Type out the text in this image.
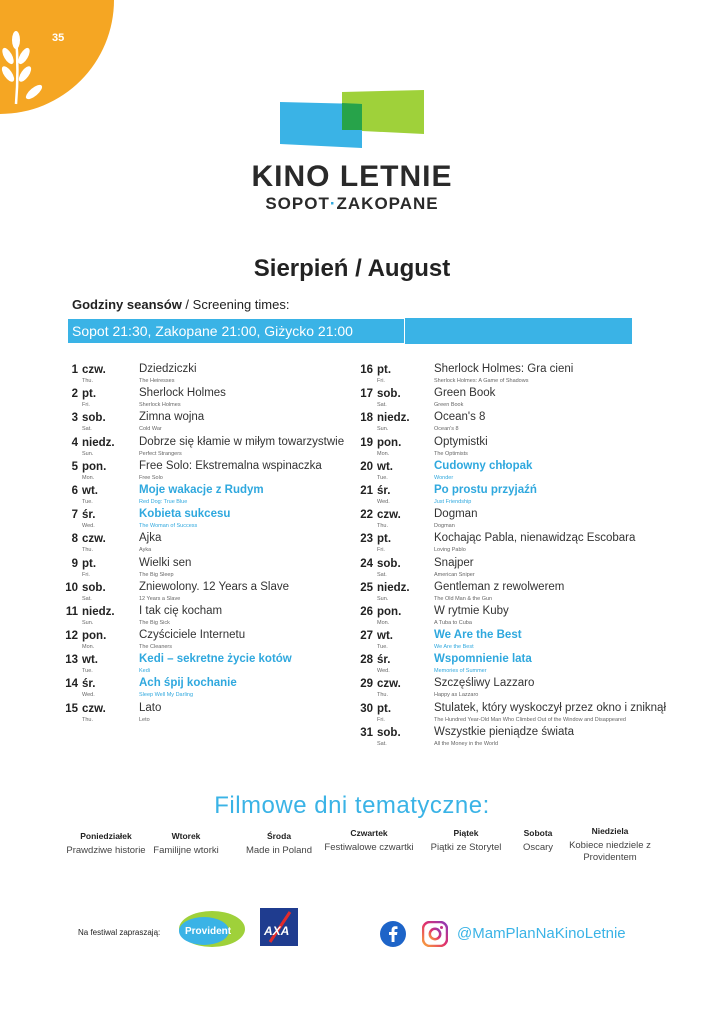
35
KINO LETNIE
SOPOT·ZAKOPANE
Sierpień / August
Godziny seansów / Screening times:
Sopot 21:30, Zakopane 21:00, Giżycko 21:00
1 czw.
Thu.
Dziedziczki
The Heiresses
2 pt.
Fri.
Sherlock Holmes
Sherlock Holmes
3 sob.
Sat.
Zimna wojna
Cold War
4 niedz.
Sun.
Dobrze się kłamie w miłym towarzystwie
Perfect Strangers
5 pon.
Mon.
Free Solo: Ekstremalna wspinaczka
Free Solo
6 wt.
Tue.
Moje wakacje z Rudym
Red Dog: True Blue
7 śr.
Wed.
Kobieta sukcesu
The Woman of Success
8 czw.
Thu.
Ajka
Ayka
9 pt.
Fri.
Wielki sen
The Big Sleep
10 sob.
Sat.
Zniewolony. 12 Years a Slave
12 Years a Slave
11 niedz.
Sun.
I tak cię kocham
The Big Sick
12 pon.
Mon.
Czyściciele Internetu
The Cleaners
13 wt.
Tue.
Kedi – sekretne życie kotów
Kedi
14 śr.
Wed.
Ach śpij kochanie
Sleep Well My Darling
15 czw.
Thu.
Lato
Leto
16 pt.
Fri.
Sherlock Holmes: Gra cieni
Sherlock Holmes: A Game of Shadows
17 sob.
Sat.
Green Book
Green Book
18 niedz.
Sun.
Ocean's 8
Ocean's 8
19 pon.
Mon.
Optymistki
The Optimists
20 wt.
Tue.
Cudowny chłopak
Wonder
21 śr.
Wed.
Po prostu przyjaźń
Just Friendship
22 czw.
Thu.
Dogman
Dogman
23 pt.
Fri.
Kochając Pabla, nienawidząc Escobara
Loving Pablo
24 sob.
Sat.
Snajper
American Sniper
25 niedz.
Sun.
Gentleman z rewolwerem
The Old Man & the Gun
26 pon.
Mon.
W rytmie Kuby
A Tuba to Cuba
27 wt.
Tue.
We Are the Best
We Are the Best
28 śr.
Wed.
Wspomnienie lata
Memories of Summer
29 czw.
Thu.
Szczęśliwy Lazzaro
Happy as Lazzaro
30 pt.
Fri.
Stulatek, który wyskoczył przez okno i zniknął
The Hundred Year-Old Man Who Climbed Out of the Window and Disappeared
31 sob.
Sat.
Wszystkie pieniądze świata
All the Money in the World
Filmowe dni tematyczne:
Poniedziałek
Prawdziwe historie
Wtorek
Familijne wtorki
Środa
Made in Poland
Czwartek
Festiwalowe czwartki
Piątek
Piątki ze Storytel
Sobota
Oscary
Niedziela
Kobiece niedziele z Providentem
Na festiwal zapraszają: Provident	AXA	@MamPlanNaKinoLetnie
